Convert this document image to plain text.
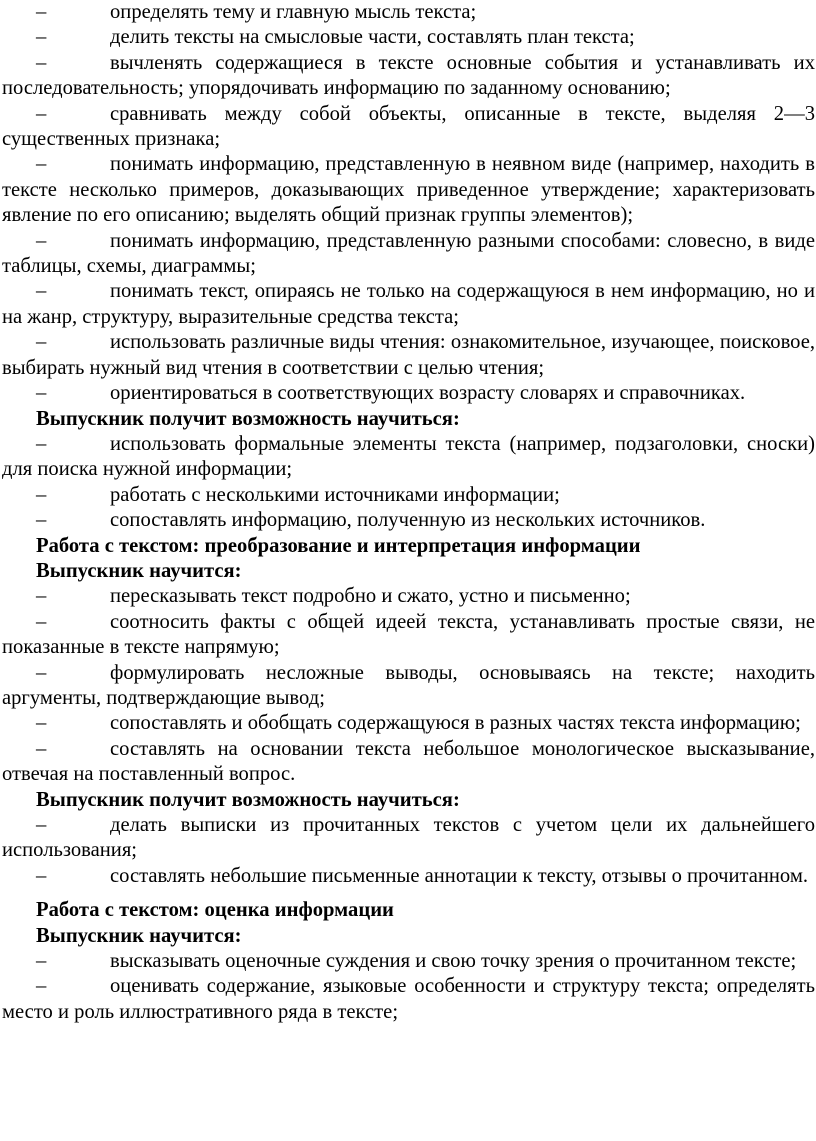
–	определять тему и главную мысль текста;

–	делить тексты на смысловые части, составлять план текста;

–	вычленять содержащиеся в тексте основные события и устанавливать их последовательность; упорядочивать информацию по заданному основанию;

–	сравнивать между собой объекты, описанные в тексте, выделяя 2—3 существенных признака;

–	понимать информацию, представленную в неявном виде (например, находить в тексте несколько примеров, доказывающих приведенное утверждение; характеризовать явление по его описанию; выделять общий признак группы элементов);

–	понимать информацию, представленную разными способами: словесно, в виде таблицы, схемы, диаграммы;

–	понимать текст, опираясь не только на содержащуюся в нем информацию, но и на жанр, структуру, выразительные средства текста;

–	использовать различные виды чтения: ознакомительное, изучающее, поисковое, выбирать нужный вид чтения в соответствии с целью чтения;

–	ориентироваться в соответствующих возрасту словарях и справочниках.

Выпускник получит возможность научиться:

–	использовать формальные элементы текста (например, подзаголовки, сноски) для поиска нужной информации;

–	работать с несколькими источниками информации;

–	сопоставлять информацию, полученную из нескольких источников.

Работа с текстом: преобразование и интерпретация информации

Выпускник научится:

–	пересказывать текст подробно и сжато, устно и письменно;

–	соотносить факты с общей идеей текста, устанавливать простые связи, не показанные в тексте напрямую;

–	формулировать несложные выводы, основываясь на тексте; находить аргументы, подтверждающие вывод;

–	сопоставлять и обобщать содержащуюся в разных частях текста информацию;

–	составлять на основании текста небольшое монологическое высказывание, отвечая на поставленный вопрос.

Выпускник получит возможность научиться:

–	делать выписки из прочитанных текстов с учетом цели их дальнейшего использования;

–	составлять небольшие письменные аннотации к тексту, отзывы о прочитанном.

Работа с текстом: оценка информации

Выпускник научится:

–	высказывать оценочные суждения и свою точку зрения о прочитанном тексте;

–	оценивать содержание, языковые особенности и структуру текста; определять место и роль иллюстративного ряда в тексте;
